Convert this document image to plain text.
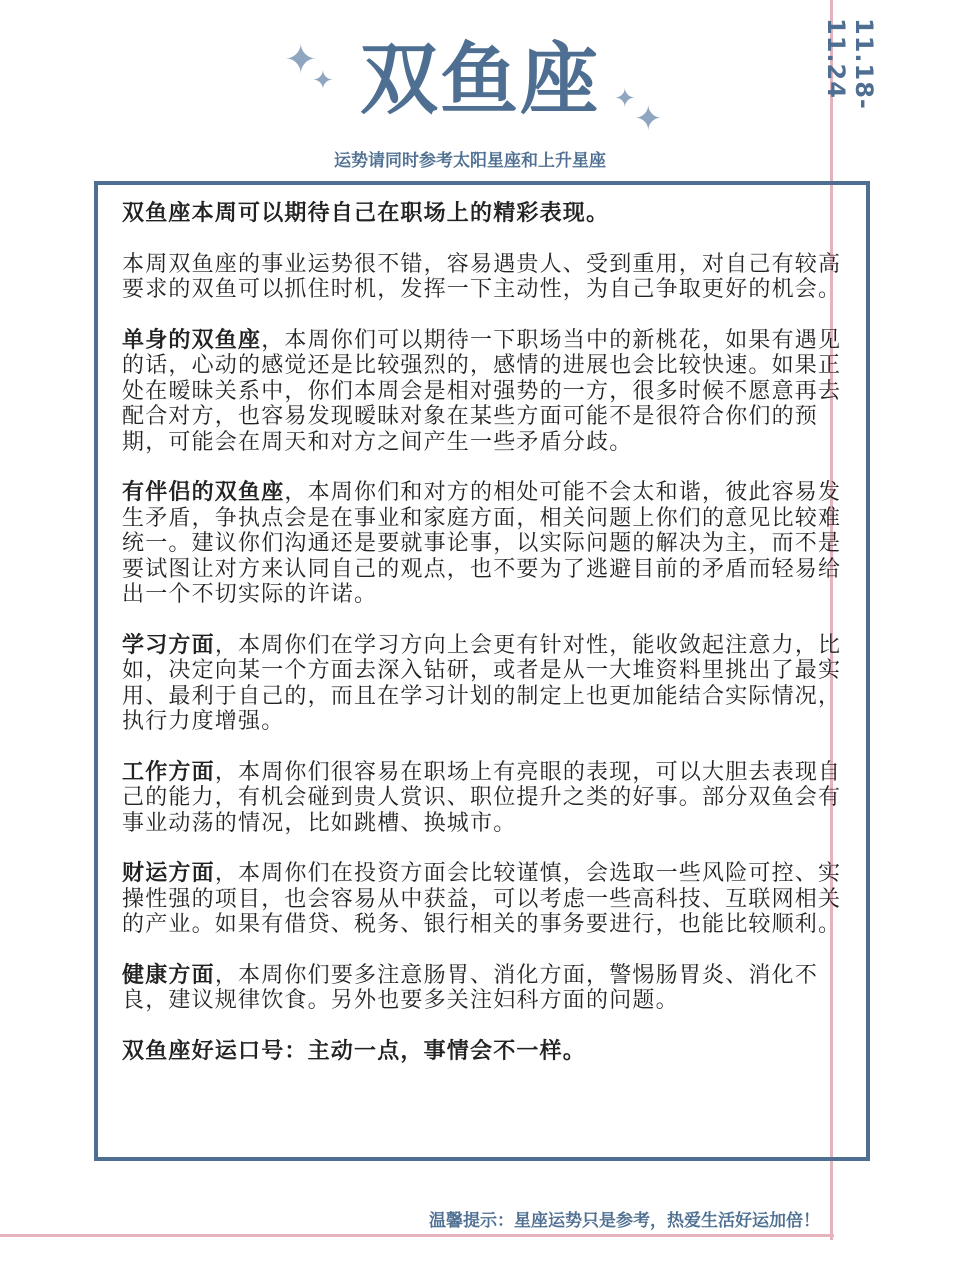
11.18-11.24
✦
✦
✦
✦
双鱼座
运势请同时参考太阳星座和上升星座

双鱼座本周可以期待自己在职场上的精彩表现。

本周双鱼座的事业运势很不错，容易遇贵人、受到重用，对自己有较高要求的双鱼可以抓住时机，发挥一下主动性，为自己争取更好的机会。

单身的双鱼座，本周你们可以期待一下职场当中的新桃花，如果有遇见的话，心动的感觉还是比较强烈的，感情的进展也会比较快速。如果正处在暧昧关系中，你们本周会是相对强势的一方，很多时候不愿意再去配合对方，也容易发现暧昧对象在某些方面可能不是很符合你们的预期，可能会在周天和对方之间产生一些矛盾分歧。

有伴侣的双鱼座，本周你们和对方的相处可能不会太和谐，彼此容易发生矛盾，争执点会是在事业和家庭方面，相关问题上你们的意见比较难统一。建议你们沟通还是要就事论事，以实际问题的解决为主，而不是要试图让对方来认同自己的观点，也不要为了逃避目前的矛盾而轻易给出一个不切实际的许诺。

学习方面，本周你们在学习方向上会更有针对性，能收敛起注意力，比如，决定向某一个方面去深入钻研，或者是从一大堆资料里挑出了最实用、最利于自己的，而且在学习计划的制定上也更加能结合实际情况，执行力度增强。

工作方面，本周你们很容易在职场上有亮眼的表现，可以大胆去表现自己的能力，有机会碰到贵人赏识、职位提升之类的好事。部分双鱼会有事业动荡的情况，比如跳槽、换城市。

财运方面，本周你们在投资方面会比较谨慎，会选取一些风险可控、实操性强的项目，也会容易从中获益，可以考虑一些高科技、互联网相关的产业。如果有借贷、税务、银行相关的事务要进行，也能比较顺利。

健康方面，本周你们要多注意肠胃、消化方面，警惕肠胃炎、消化不良，建议规律饮食。另外也要多关注妇科方面的问题。

双鱼座好运口号：主动一点，事情会不一样。

温馨提示：星座运势只是参考，热爱生活好运加倍！
